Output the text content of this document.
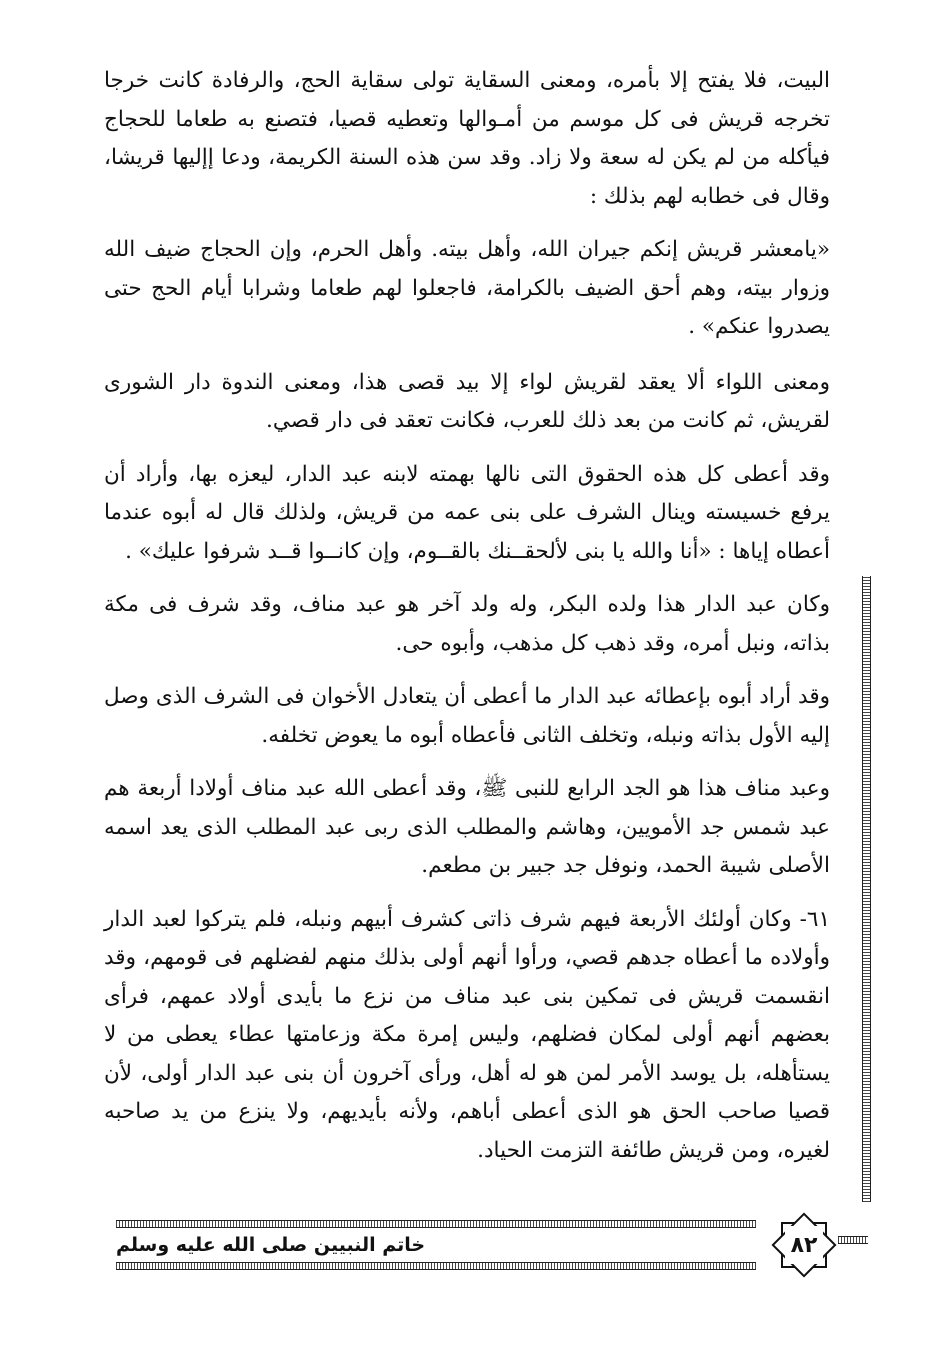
البيت، فلا يفتح إلا بأمره، ومعنى السقاية تولى سقاية الحج، والرفادة كانت خرجا تخرجه قريش فى كل موسم من أمـوالها وتعطيه قصيا، فتصنع به طعاما للحجاج فيأكله من لم يكن له سعة ولا زاد. وقد سن هذه السنة الكريمة، ودعا إإليها قريشا، وقال فى خطابه لهم بذلك :

«يامعشر قريش إنكم جيران الله، وأهل بيته. وأهل الحرم، وإن الحجاج ضيف الله وزوار بيته، وهم أحق الضيف بالكرامة، فاجعلوا لهم طعاما وشرابا أيام الحج حتى يصدروا عنكم» .

ومعنى اللواء ألا يعقد لقريش لواء إلا بيد قصى هذا، ومعنى الندوة دار الشورى لقريش، ثم كانت من بعد ذلك للعرب، فكانت تعقد فى دار قصي.

وقد أعطى كل هذه الحقوق التى نالها بهمته لابنه عبد الدار، ليعزه بها، وأراد أن يرفع خسيسته وينال الشرف على بنى عمه من قريش، ولذلك قال له أبوه عندما أعطاه إياها : «أنا والله يا بنى لألحقــنك بالقــوم، وإن كانــوا قــد شرفوا عليك» .

وكان عبد الدار هذا ولده البكر، وله ولد آخر هو عبد مناف، وقد شرف فى مكة بذاته، ونبل أمره، وقد ذهب كل مذهب، وأبوه حى.

وقد أراد أبوه بإعطائه عبد الدار ما أعطى أن يتعادل الأخوان فى الشرف الذى وصل إليه الأول بذاته ونبله، وتخلف الثانى فأعطاه أبوه ما يعوض تخلفه.

وعبد مناف هذا هو الجد الرابع للنبى ﷺ، وقد أعطى الله عبد مناف أولادا أربعة هم عبد شمس جد الأمويين، وهاشم والمطلب الذى ربى عبد المطلب الذى يعد اسمه الأصلى شيبة الحمد، ونوفل جد جبير بن مطعم.

٦١- وكان أولئك الأربعة فيهم شرف ذاتى كشرف أبيهم ونبله، فلم يتركوا لعبد الدار وأولاده ما أعطاه جدهم قصي، ورأوا أنهم أولى بذلك منهم لفضلهم فى قومهم، وقد انقسمت قريش فى تمكين بنى عبد مناف من نزع ما بأيدى أولاد عمهم، فرأى بعضهم أنهم أولى لمكان فضلهم، وليس إمرة مكة وزعامتها عطاء يعطى من لا يستأهله، بل يوسد الأمر لمن هو له أهل، ورأى آخرون أن بنى عبد الدار أولى، لأن قصيا صاحب الحق هو الذى أعطى أباهم، ولأنه بأيديهم، ولا ينزع من يد صاحبه لغيره، ومن قريش طائفة التزمت الحياد.

خاتم النبيين صلى الله عليه وسلم	٨٢
